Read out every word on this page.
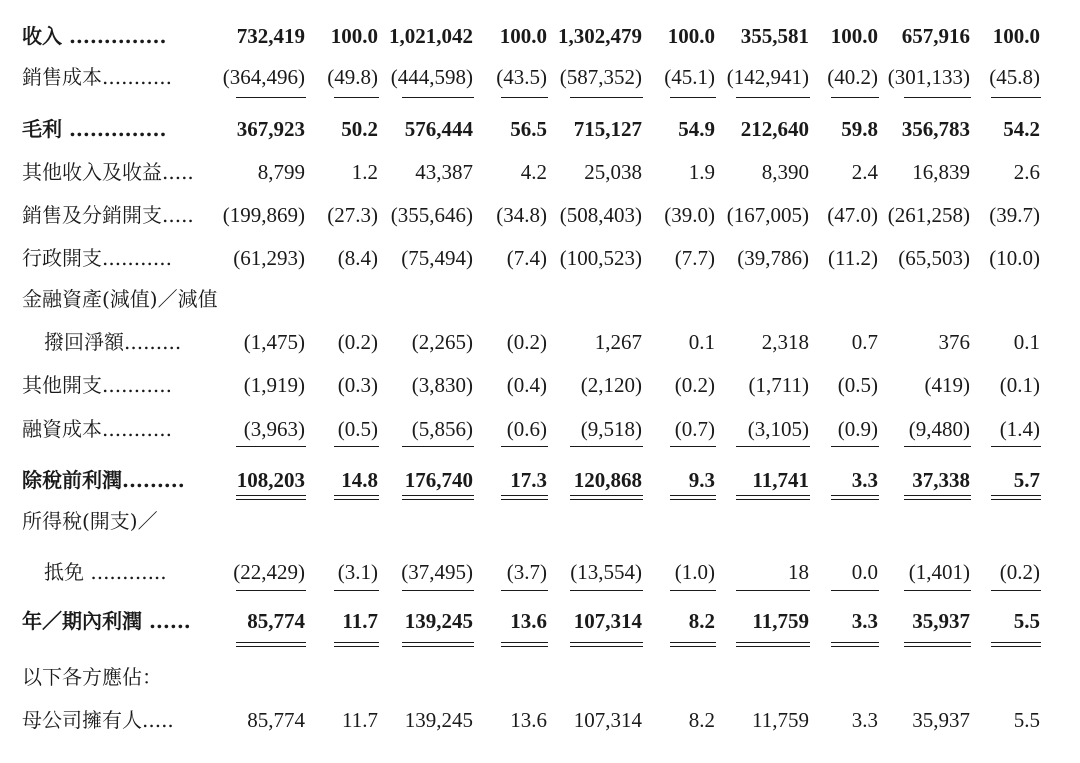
收入 ..............	732,419 100.0 1,021,042 100.0 1,302,479 100.0 355,581 100.0 657,916 100.0
銷售成本........... (364,496) (49.8) (444,598) (43.5) (587,352) (45.1) (142,941) (40.2) (301,133) (45.8)
毛利 ..............	367,923 50.2 576,444 56.5 715,127 54.9 212,640 59.8 356,783 54.2
其他收入及收益.....	8,799 1.2 43,387 4.2 25,038 1.9 8,390 2.4 16,839 2.6
銷售及分銷開支..... (199,869) (27.3) (355,646) (34.8) (508,403) (39.0) (167,005) (47.0) (261,258) (39.7)
行政開支...........	(61,293) (8.4) (75,494) (7.4) (100,523) (7.7) (39,786) (11.2) (65,503) (10.0)
金融資產(減值)／減值
撥回淨額.........	(1,475) (0.2) (2,265) (0.2) 1,267 0.1 2,318 0.7	376 0.1
其他開支...........	(1,919) (0.3) (3,830) (0.4) (2,120) (0.2) (1,711) (0.5) (419) (0.1)
融資成本...........	(3,963) (0.5) (5,856) (0.6) (9,518) (0.7) (3,105) (0.9) (9,480) (1.4)
除稅前利潤......... 108,203 14.8 176,740 17.3 120,868 9.3 11,741 3.3 37,338 5.7
所得稅(開支)／
抵免 ............	(22,429) (3.1) (37,495) (3.7) (13,554) (1.0)	18 0.0 (1,401) (0.2)
年／期內利潤 ......	85,774 11.7 139,245 13.6 107,314 8.2 11,759 3.3 35,937 5.5
以下各方應佔：
母公司擁有人.....	85,774 11.7 139,245 13.6 107,314 8.2 11,759 3.3 35,937 5.5
